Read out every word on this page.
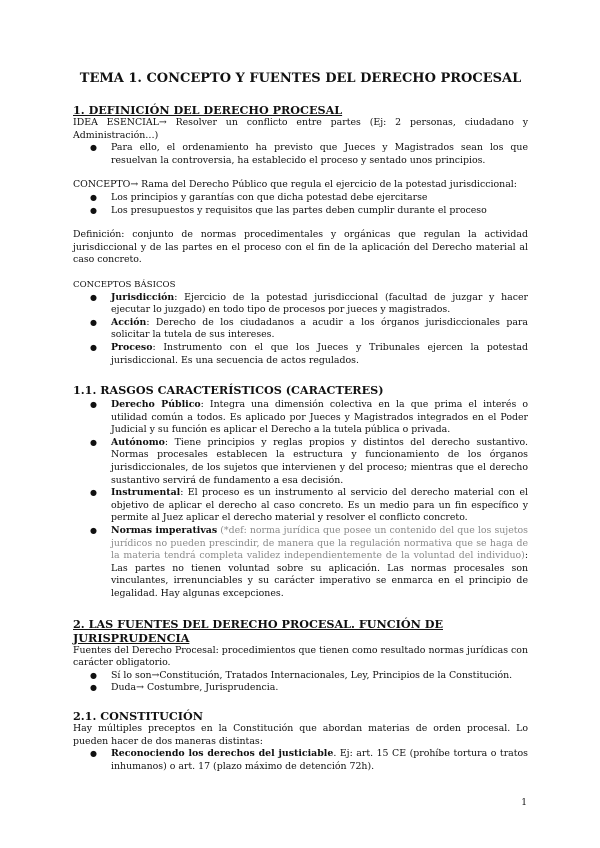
TEMA 1. CONCEPTO Y FUENTES DEL DERECHO PROCESAL
1. DEFINICIÓN DEL DERECHO PROCESAL

IDEA ESENCIAL→ Resolver un conflicto entre partes (Ej: 2 personas, ciudadano y Administración…)

● Para ello, el ordenamiento ha previsto que Jueces y Magistrados sean los que resuelvan la controversia, ha establecido el proceso y sentado unos principios.

CONCEPTO→ Rama del Derecho Público que regula el ejercicio de la potestad jurisdiccional:

● Los principios y garantías con que dicha potestad debe ejercitarse
● Los presupuestos y requisitos que las partes deben cumplir durante el proceso

Definición: conjunto de normas procedimentales y orgánicas que regulan la actividad jurisdiccional y de las partes en el proceso con el fin de la aplicación del Derecho material al caso concreto.

CONCEPTOS BÁSICOS

● Jurisdicción: Ejercicio de la potestad jurisdiccional (facultad de juzgar y hacer ejecutar lo juzgado) en todo tipo de procesos por jueces y magistrados.
● Acción: Derecho de los ciudadanos a acudir a los órganos jurisdiccionales para solicitar la tutela de sus intereses.
● Proceso: Instrumento con el que los Jueces y Tribunales ejercen la potestad jurisdiccional. Es una secuencia de actos regulados.
1.1. RASGOS CARACTERÍSTICOS (CARACTERES)
● Derecho Público: Integra una dimensión colectiva en la que prima el interés o utilidad común a todos. Es aplicado por Jueces y Magistrados integrados en el Poder Judicial y su función es aplicar el Derecho a la tutela pública o privada.
● Autónomo: Tiene principios y reglas propios y distintos del derecho sustantivo. Normas procesales establecen la estructura y funcionamiento de los órganos jurisdiccionales, de los sujetos que intervienen y del proceso; mientras que el derecho sustantivo servirá de fundamento a esa decisión.
● Instrumental: El proceso es un instrumento al servicio del derecho material con el objetivo de aplicar el derecho al caso concreto. Es un medio para un fin específico y permite al Juez aplicar el derecho material y resolver el conflicto concreto.
● Normas imperativas (*def: norma jurídica que posee un contenido del que los sujetos jurídicos no pueden prescindir, de manera que la regulación normativa que se haga de la materia tendrá completa validez independientemente de la voluntad del individuo): Las partes no tienen voluntad sobre su aplicación. Las normas procesales son vinculantes, irrenunciables y su carácter imperativo se enmarca en el principio de legalidad. Hay algunas excepciones.
2. LAS FUENTES DEL DERECHO PROCESAL. FUNCIÓN DE JURISPRUDENCIA

Fuentes del Derecho Procesal: procedimientos que tienen como resultado normas jurídicas con carácter obligatorio.

● Sí lo son→Constitución, Tratados Internacionales, Ley, Principios de la Constitución.
● Duda→ Costumbre, Jurisprudencia.
2.1. CONSTITUCIÓN

Hay múltiples preceptos en la Constitución que abordan materias de orden procesal. Lo pueden hacer de dos maneras distintas:

● Reconociendo los derechos del justiciable. Ej: art. 15 CE (prohíbe tortura o tratos inhumanos) o art. 17 (plazo máximo de detención 72h).
1
